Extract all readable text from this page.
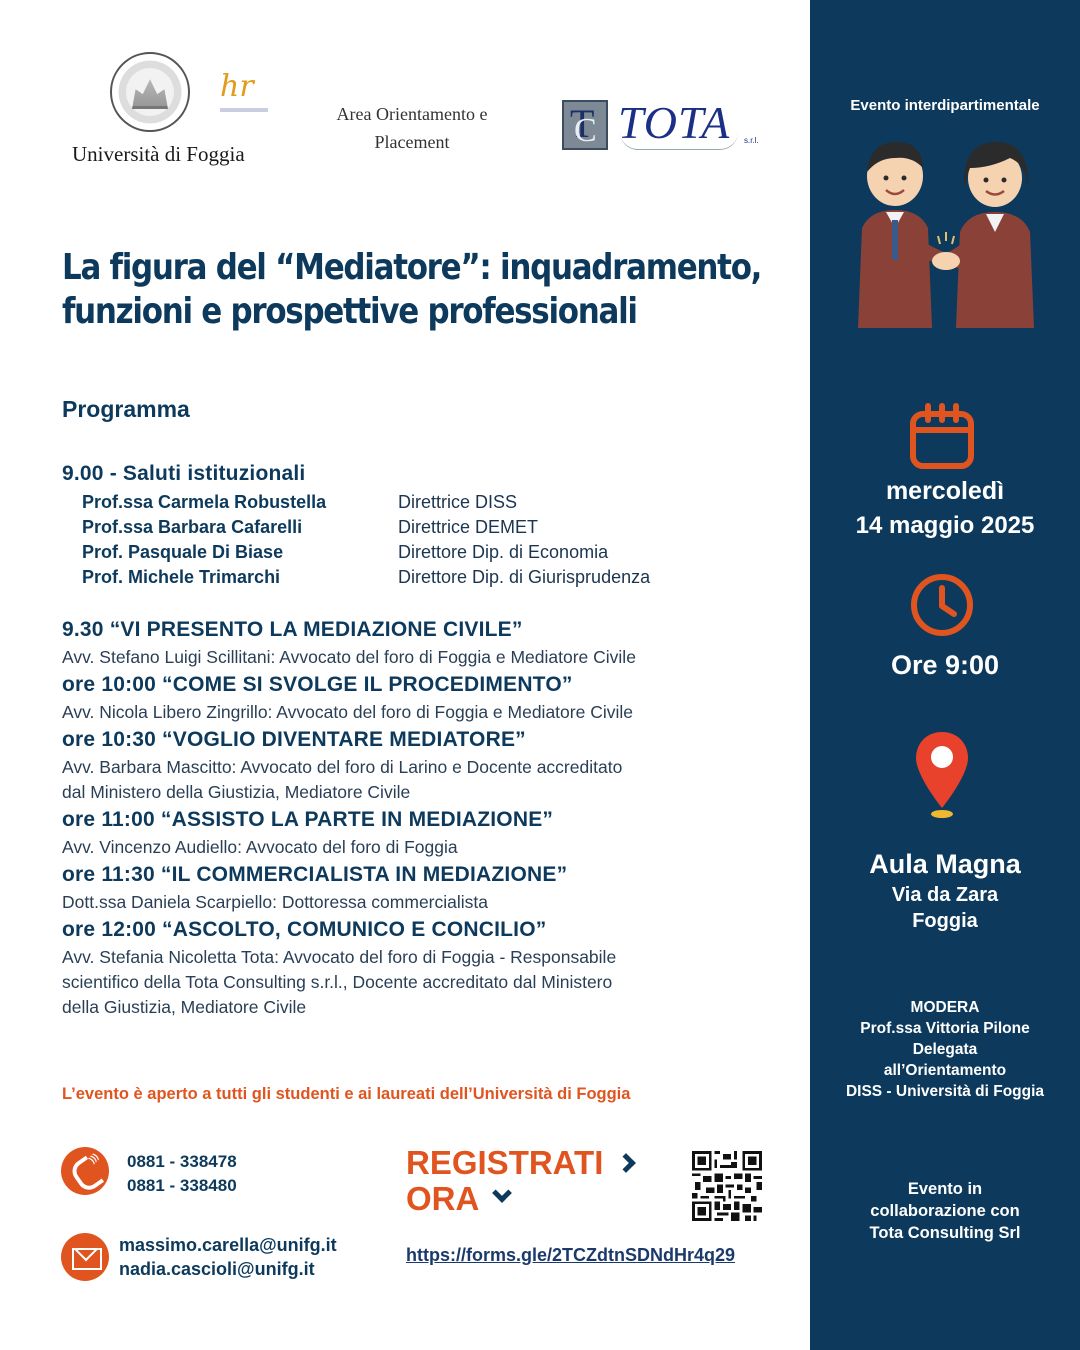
hr
Università di Foggia
Area Orientamento e
Placement
T C	TOTA s.r.l.
La figura del “Mediatore”: inquadramento,
funzioni e prospettive professionali
Programma
9.00 - Saluti istituzionali
Prof.ssa Carmela Robustella	Direttrice DISS
Prof.ssa Barbara Cafarelli	Direttrice DEMET
Prof. Pasquale Di Biase	Direttore Dip. di Economia
Prof. Michele Trimarchi	Direttore Dip. di Giurisprudenza
9.30 “VI PRESENTO LA MEDIAZIONE CIVILE”
Avv. Stefano Luigi Scillitani: Avvocato del foro di Foggia e Mediatore Civile
ore 10:00 “COME SI SVOLGE IL PROCEDIMENTO”
Avv. Nicola Libero Zingrillo: Avvocato del foro di Foggia e Mediatore Civile
ore 10:30 “VOGLIO DIVENTARE MEDIATORE”
Avv. Barbara Mascitto: Avvocato del foro di Larino e Docente accreditato
dal Ministero della Giustizia, Mediatore Civile
ore 11:00 “ASSISTO LA PARTE IN MEDIAZIONE”
Avv. Vincenzo Audiello: Avvocato del foro di Foggia
ore 11:30 “IL COMMERCIALISTA IN MEDIAZIONE”
Dott.ssa Daniela Scarpiello: Dottoressa commercialista
ore 12:00 “ASCOLTO, COMUNICO E CONCILIO”
Avv. Stefania Nicoletta Tota: Avvocato del foro di Foggia - Responsabile
scientifico della Tota Consulting s.r.l., Docente accreditato dal Ministero
della Giustizia, Mediatore Civile
L’evento è aperto a tutti gli studenti e ai laureati dell’Università di Foggia
)))
0881 - 338478
0881 - 338480
massimo.carella@unifg.it
nadia.cascioli@unifg.it
REGISTRATI
ORA
https://forms.gle/2TCZdtnSDNdHr4q29
Evento interdipartimentale
mercoledì
14 maggio 2025
Ore 9:00
Aula Magna
Via da Zara
Foggia
MODERA
Prof.ssa Vittoria Pilone
Delegata
all’Orientamento
DISS - Università di Foggia
Evento in
collaborazione con
Tota Consulting Srl
